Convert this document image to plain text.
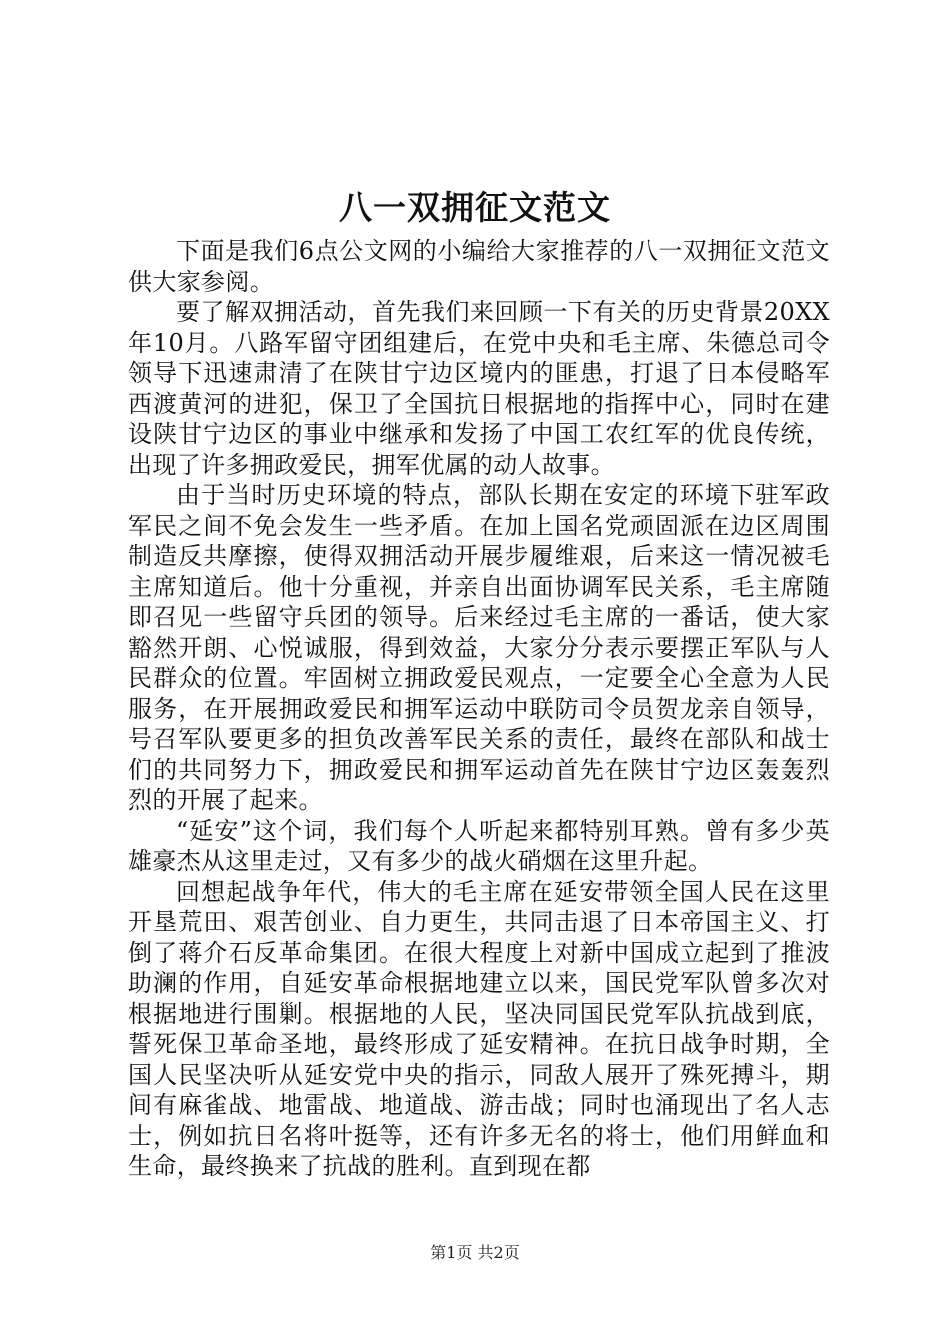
八一双拥征文范文

下面是我们6点公文网的小编给大家推荐的八一双拥征文范文供大家参阅。

要了解双拥活动，首先我们来回顾一下有关的历史背景20XX年10月。八路军留守团组建后，在党中央和毛主席、朱德总司令领导下迅速肃清了在陕甘宁边区境内的匪患，打退了日本侵略军西渡黄河的进犯，保卫了全国抗日根据地的指挥中心，同时在建设陕甘宁边区的事业中继承和发扬了中国工农红军的优良传统，出现了许多拥政爱民，拥军优属的动人故事。

由于当时历史环境的特点，部队长期在安定的环境下驻军政军民之间不免会发生一些矛盾。在加上国名党顽固派在边区周围制造反共摩擦，使得双拥活动开展步履维艰，后来这一情况被毛主席知道后。他十分重视，并亲自出面协调军民关系，毛主席随即召见一些留守兵团的领导。后来经过毛主席的一番话，使大家豁然开朗、心悦诚服，得到效益，大家分分表示要摆正军队与人民群众的位置。牢固树立拥政爱民观点，一定要全心全意为人民服务，在开展拥政爱民和拥军运动中联防司令员贺龙亲自领导，号召军队要更多的担负改善军民关系的责任，最终在部队和战士们的共同努力下，拥政爱民和拥军运动首先在陕甘宁边区轰轰烈烈的开展了起来。

“延安”这个词，我们每个人听起来都特别耳熟。曾有多少英雄豪杰从这里走过，又有多少的战火硝烟在这里升起。

回想起战争年代，伟大的毛主席在延安带领全国人民在这里开垦荒田、艰苦创业、自力更生，共同击退了日本帝国主义、打倒了蒋介石反革命集团。在很大程度上对新中国成立起到了推波助澜的作用，自延安革命根据地建立以来，国民党军队曾多次对根据地进行围剿。根据地的人民，坚决同国民党军队抗战到底，誓死保卫革命圣地，最终形成了延安精神。在抗日战争时期，全国人民坚决听从延安党中央的指示，同敌人展开了殊死搏斗，期间有麻雀战、地雷战、地道战、游击战；同时也涌现出了名人志士，例如抗日名将叶挺等，还有许多无名的将士，他们用鲜血和生命，最终换来了抗战的胜利。直到现在都

第1页 共2页
